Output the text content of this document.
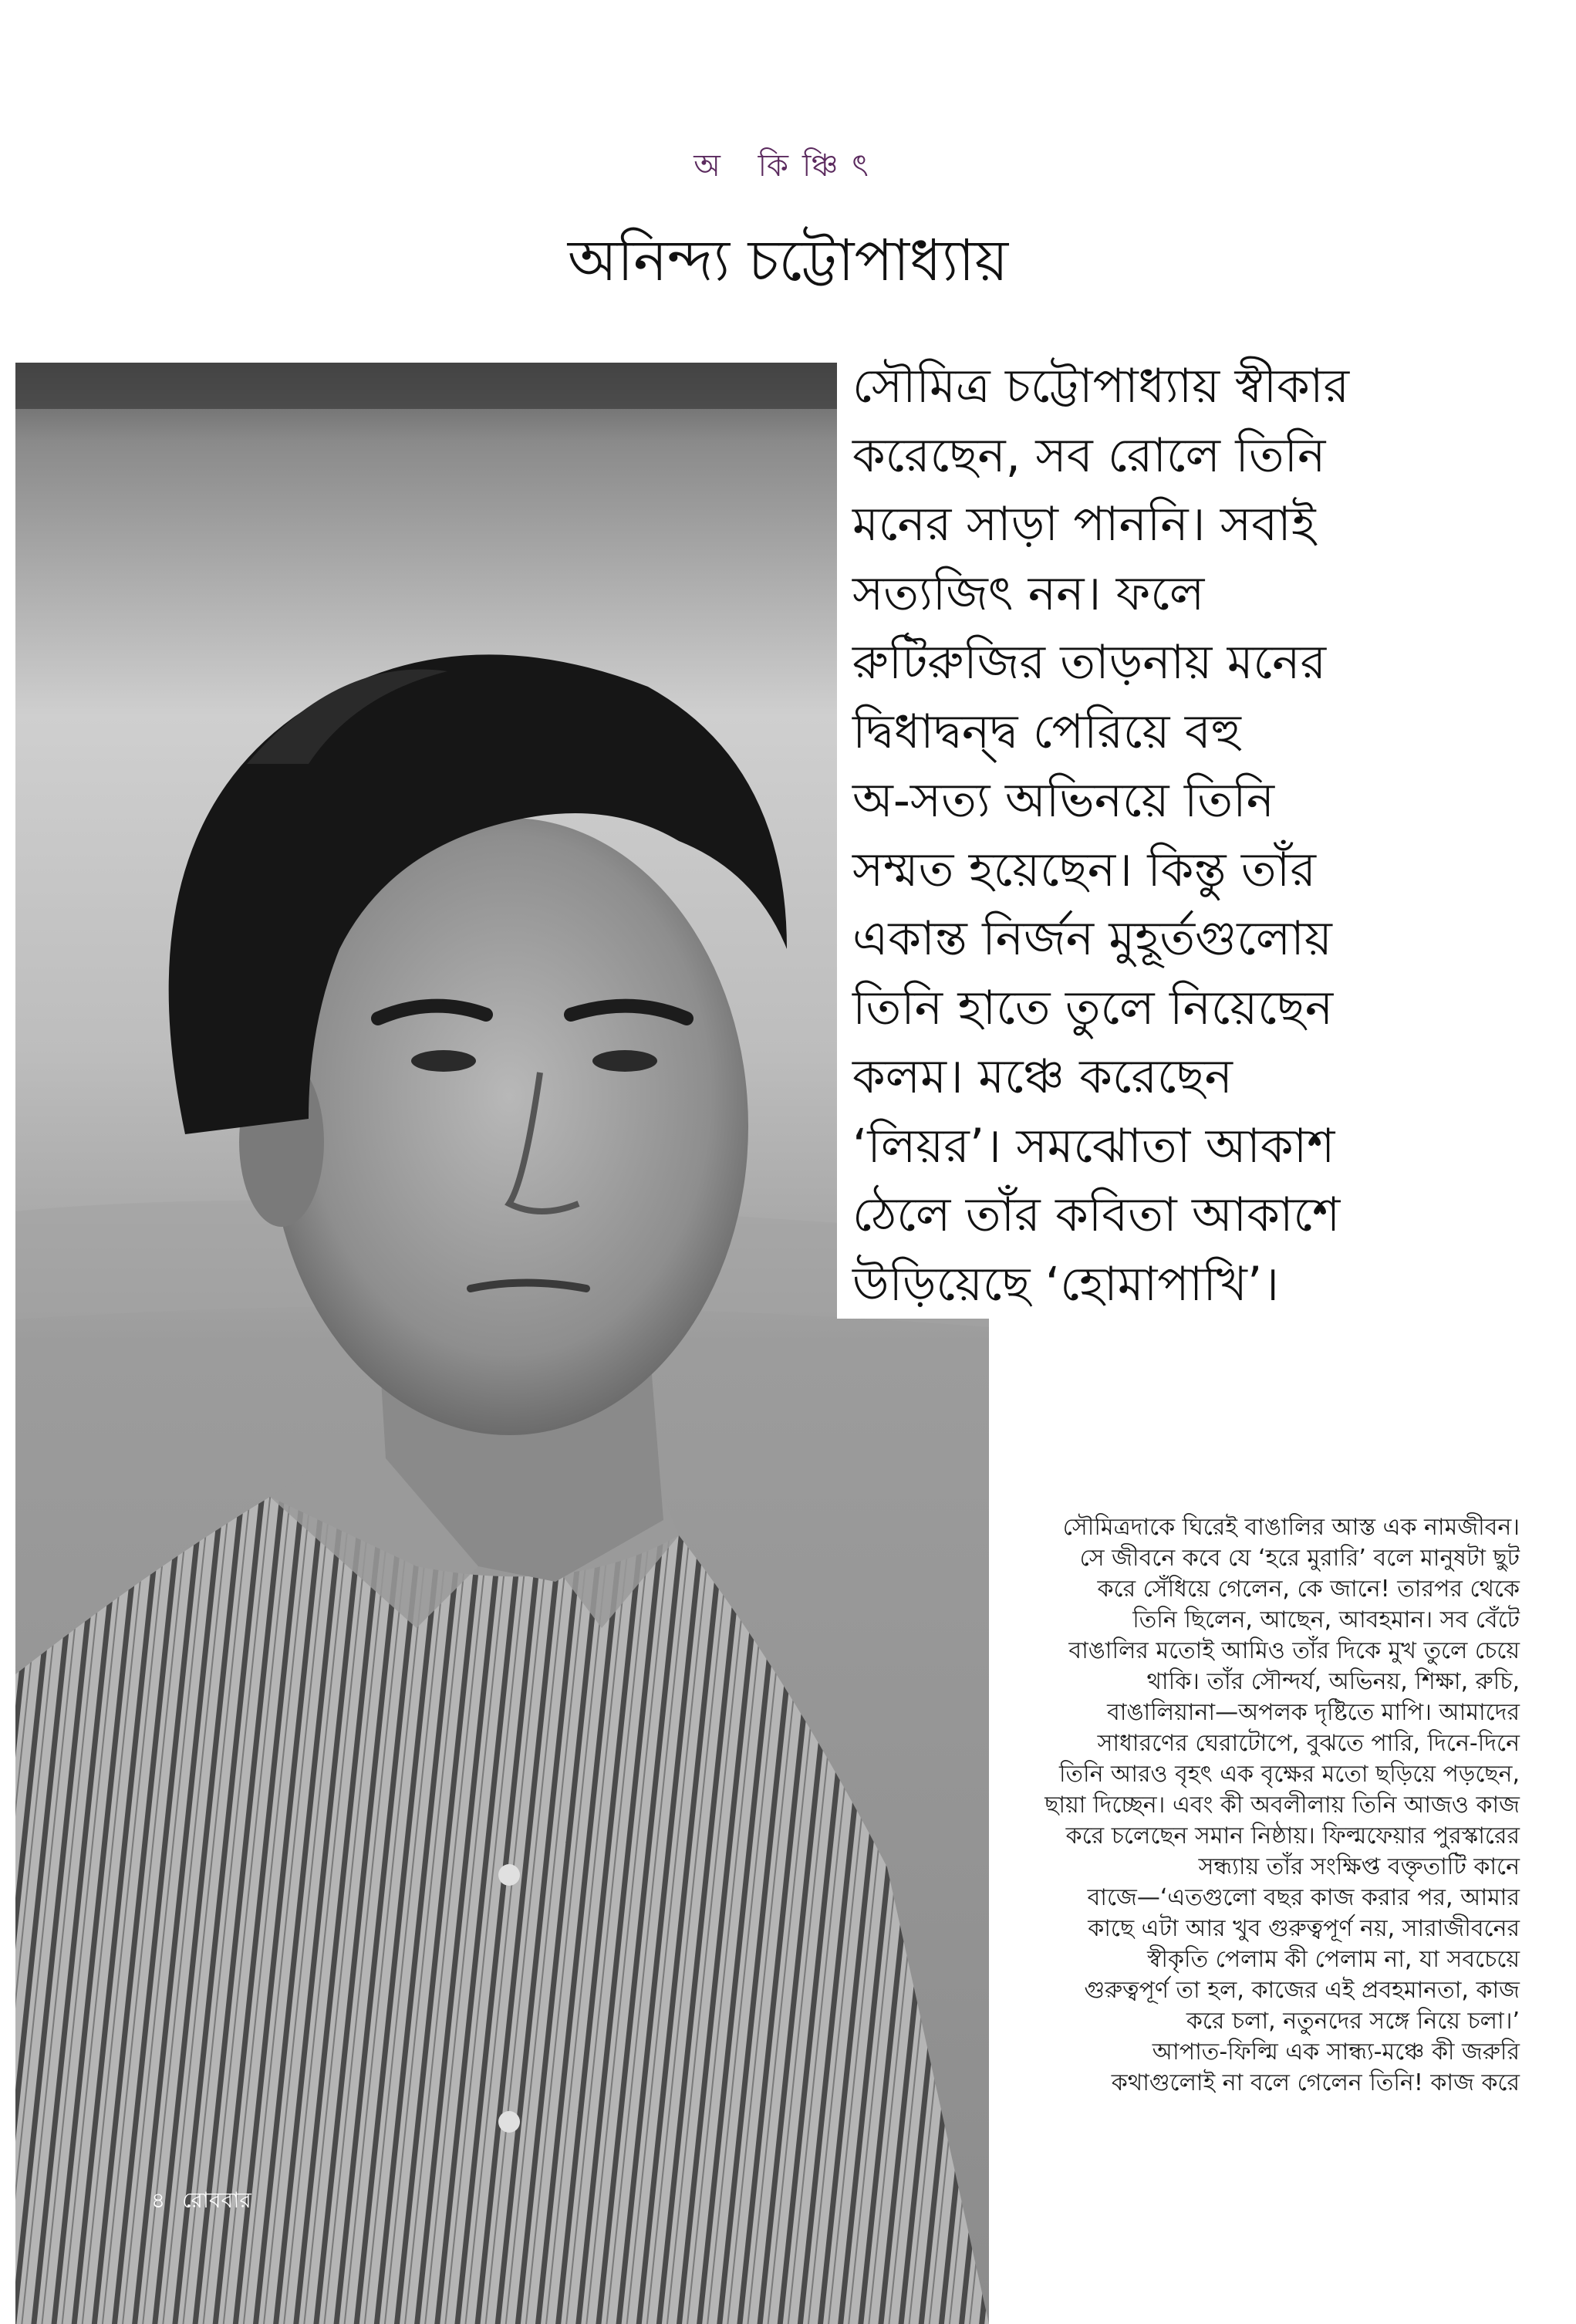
অ কিঞ্চিৎ
অনিন্দ্য চট্টোপাধ্যায়
সৌমিত্র চট্টোপাধ্যায় স্বীকার
করেছেন, সব রোলে তিনি
মনের সাড়া পাননি। সবাই
সত্যজিৎ নন। ফলে
রুটিরুজির তাড়নায় মনের
দ্বিধাদ্বন্দ্ব পেরিয়ে বহু
অ-সত্য অভিনয়ে তিনি
সম্মত হয়েছেন। কিন্তু তাঁর
একান্ত নির্জন মুহূর্তগুলোয়
তিনি হাতে তুলে নিয়েছেন
কলম। মঞ্চে করেছেন
‘লিয়র’। সমঝোতা আকাশ
ঠেলে তাঁর কবিতা আকাশে
উড়িয়েছে ‘হোমাপাখি’।
সৌমিত্রদাকে ঘিরেই বাঙালির আস্ত এক নামজীবন।
সে জীবনে কবে যে ‘হরে মুরারি’ বলে মানুষটা ছুট
করে সেঁধিয়ে গেলেন, কে জানে! তারপর থেকে
তিনি ছিলেন, আছেন, আবহমান। সব বেঁটে
বাঙালির মতোই আমিও তাঁর দিকে মুখ তুলে চেয়ে
থাকি। তাঁর সৌন্দর্য, অভিনয়, শিক্ষা, রুচি,
বাঙালিয়ানা—অপলক দৃষ্টিতে মাপি। আমাদের
সাধারণের ঘেরাটোপে, বুঝতে পারি, দিনে-দিনে
তিনি আরও বৃহৎ এক বৃক্ষের মতো ছড়িয়ে পড়ছেন,
ছায়া দিচ্ছেন। এবং কী অবলীলায় তিনি আজও কাজ
করে চলেছেন সমান নিষ্ঠায়। ফিল্মফেয়ার পুরস্কারের
সন্ধ্যায় তাঁর সংক্ষিপ্ত বক্তৃতাটি কানে
বাজে—‘এতগুলো বছর কাজ করার পর, আমার
কাছে এটা আর খুব গুরুত্বপূর্ণ নয়, সারাজীবনের
স্বীকৃতি পেলাম কী পেলাম না, যা সবচেয়ে
গুরুত্বপূর্ণ তা হল, কাজের এই প্রবহমানতা, কাজ
করে চলা, নতুনদের সঙ্গে নিয়ে চলা।’
আপাত-ফিল্মি এক সান্ধ্য-মঞ্চে কী জরুরি
কথাগুলোই না বলে গেলেন তিনি! কাজ করে
৪ রোববার
